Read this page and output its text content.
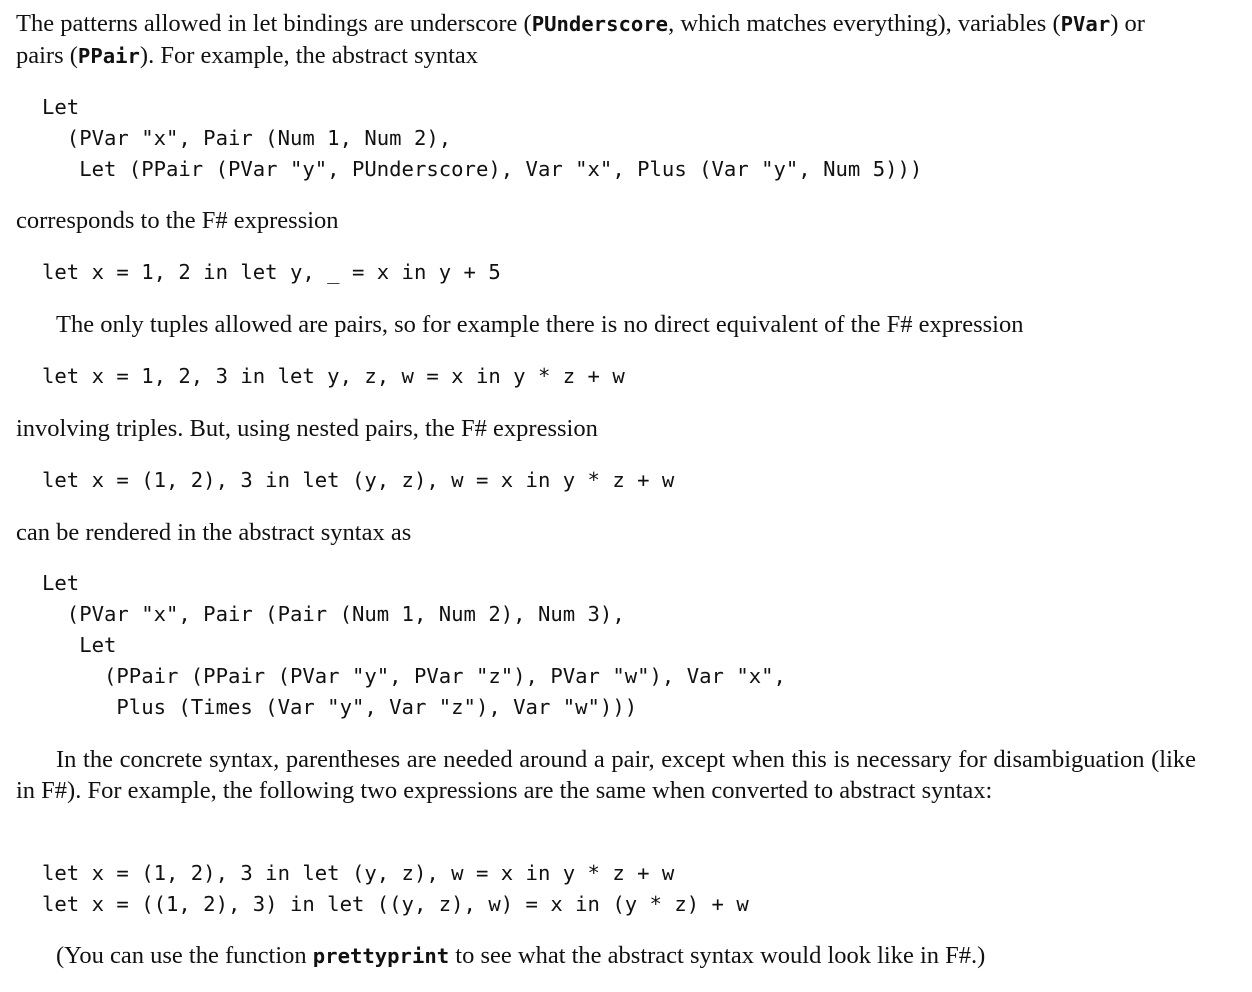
The patterns allowed in let bindings are underscore (PUnderscore, which matches everything), variables (PVar) or pairs (PPair). For example, the abstract syntax

Let
(PVar "x", Pair (Num 1, Num 2),
Let (PPair (PVar "y", PUnderscore), Var "x", Plus (Var "y", Num 5)))

corresponds to the F# expression

let x = 1, 2 in let y, _ = x in y + 5

The only tuples allowed are pairs, so for example there is no direct equivalent of the F# expression

let x = 1, 2, 3 in let y, z, w = x in y * z + w

involving triples. But, using nested pairs, the F# expression

let x = (1, 2), 3 in let (y, z), w = x in y * z + w

can be rendered in the abstract syntax as

Let
(PVar "x", Pair (Pair (Num 1, Num 2), Num 3),
Let
(PPair (PPair (PVar "y", PVar "z"), PVar "w"), Var "x",
Plus (Times (Var "y", Var "z"), Var "w")))

In the concrete syntax, parentheses are needed around a pair, except when this is necessary for disambiguation (like in F#). For example, the following two expressions are the same when converted to abstract syntax:

let x = (1, 2), 3 in let (y, z), w = x in y * z + w
let x = ((1, 2), 3) in let ((y, z), w) = x in (y * z) + w

(You can use the function prettyprint to see what the abstract syntax would look like in F#.)
